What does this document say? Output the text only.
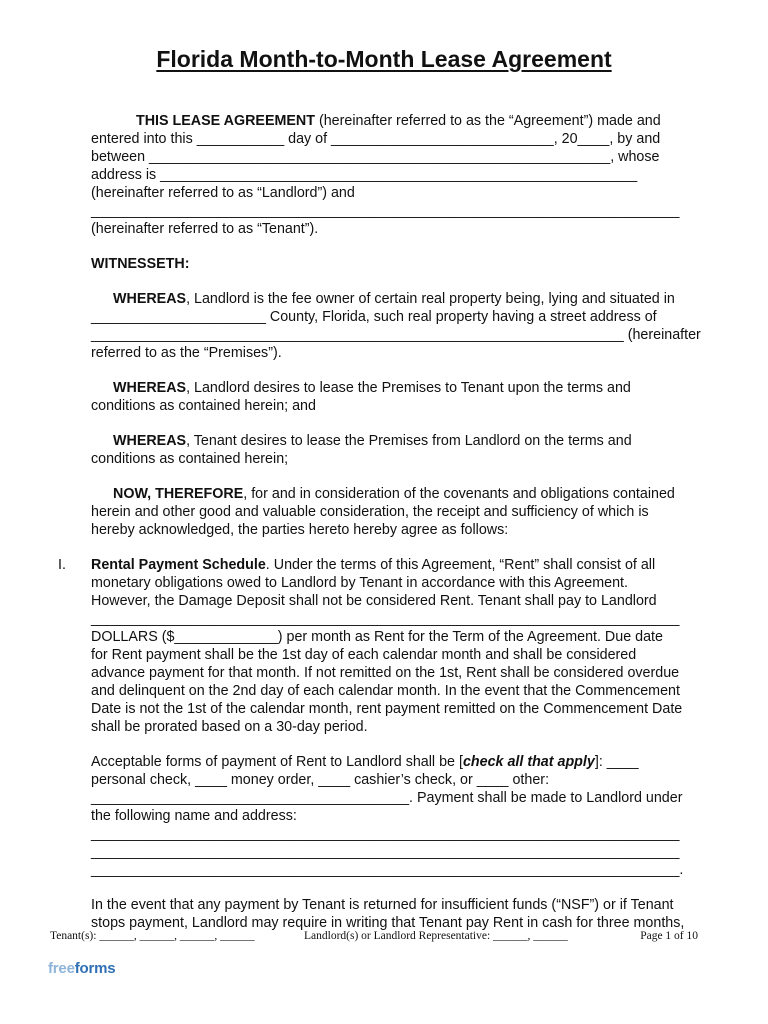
Florida Month-to-Month Lease Agreement
THIS LEASE AGREEMENT (hereinafter referred to as the “Agreement”) made and
entered into this ___________ day of ____________________________, 20____, by and
between __________________________________________________________, whose
address is ____________________________________________________________
(hereinafter referred to as “Landlord”) and
__________________________________________________________________________
(hereinafter referred to as “Tenant”).
WITNESSETH:
WHEREAS, Landlord is the fee owner of certain real property being, lying and situated in
______________________ County, Florida, such real property having a street address of
___________________________________________________________________ (hereinafter
referred to as the “Premises”).
WHEREAS, Landlord desires to lease the Premises to Tenant upon the terms and
conditions as contained herein; and
WHEREAS, Tenant desires to lease the Premises from Landlord on the terms and
conditions as contained herein;
NOW, THEREFORE, for and in consideration of the covenants and obligations contained
herein and other good and valuable consideration, the receipt and sufficiency of which is
hereby acknowledged, the parties hereto hereby agree as follows:
I. Rental Payment Schedule. Under the terms of this Agreement, “Rent” shall consist of all
monetary obligations owed to Landlord by Tenant in accordance with this Agreement.
However, the Damage Deposit shall not be considered Rent. Tenant shall pay to Landlord
__________________________________________________________________________
DOLLARS ($_____________) per month as Rent for the Term of the Agreement. Due date
for Rent payment shall be the 1st day of each calendar month and shall be considered
advance payment for that month. If not remitted on the 1st, Rent shall be considered overdue
and delinquent on the 2nd day of each calendar month. In the event that the Commencement
Date is not the 1st of the calendar month, rent payment remitted on the Commencement Date
shall be prorated based on a 30-day period.
Acceptable forms of payment of Rent to Landlord shall be [check all that apply]: ____
personal check, ____ money order, ____ cashier’s check, or ____ other:
________________________________________. Payment shall be made to Landlord under
the following name and address:
__________________________________________________________________________
__________________________________________________________________________
__________________________________________________________________________.
In the event that any payment by Tenant is returned for insufficient funds (“NSF”) or if Tenant
stops payment, Landlord may require in writing that Tenant pay Rent in cash for three months,
Tenant(s): ______, ______, ______, ______	Landlord(s) or Landlord Representative: ______, ______	Page 1 of 10
freeforms
